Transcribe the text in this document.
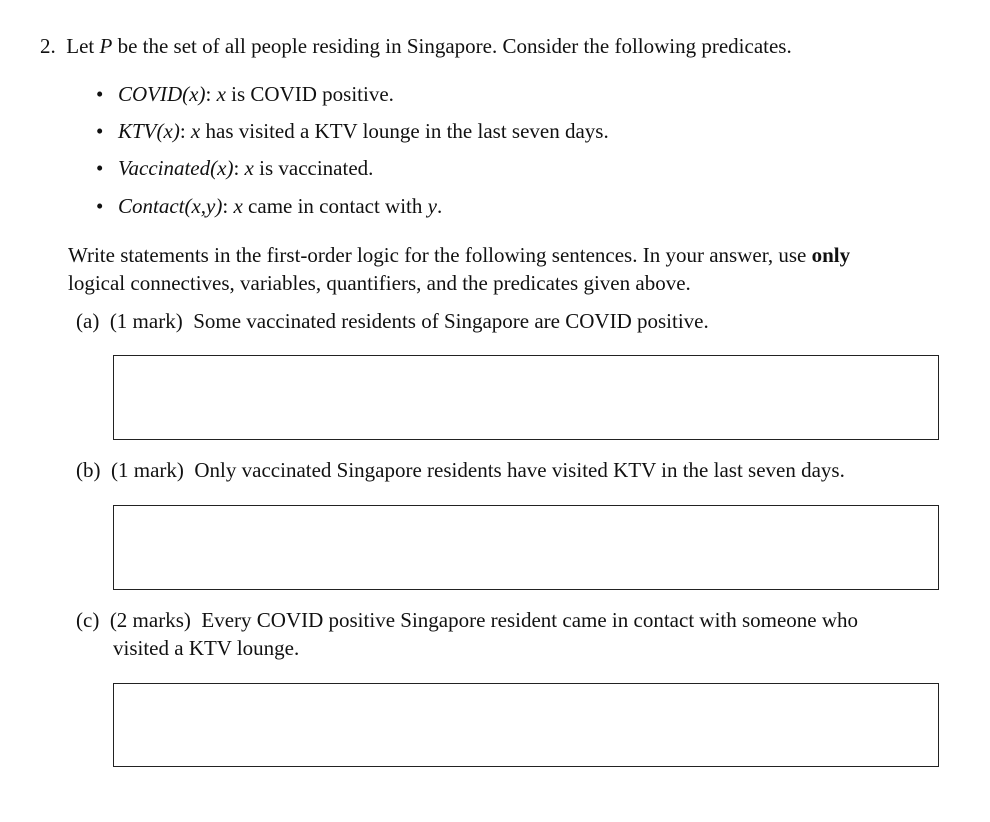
2. Let P be the set of all people residing in Singapore. Consider the following predicates.
• COVID(x): x is COVID positive.
• KTV(x): x has visited a KTV lounge in the last seven days.
• Vaccinated(x): x is vaccinated.
• Contact(x,y): x came in contact with y.
Write statements in the first-order logic for the following sentences. In your answer, use only
logical connectives, variables, quantifiers, and the predicates given above.
(a) (1 mark) Some vaccinated residents of Singapore are COVID positive.
(b) (1 mark) Only vaccinated Singapore residents have visited KTV in the last seven days.
(c) (2 marks) Every COVID positive Singapore resident came in contact with someone who
visited a KTV lounge.
